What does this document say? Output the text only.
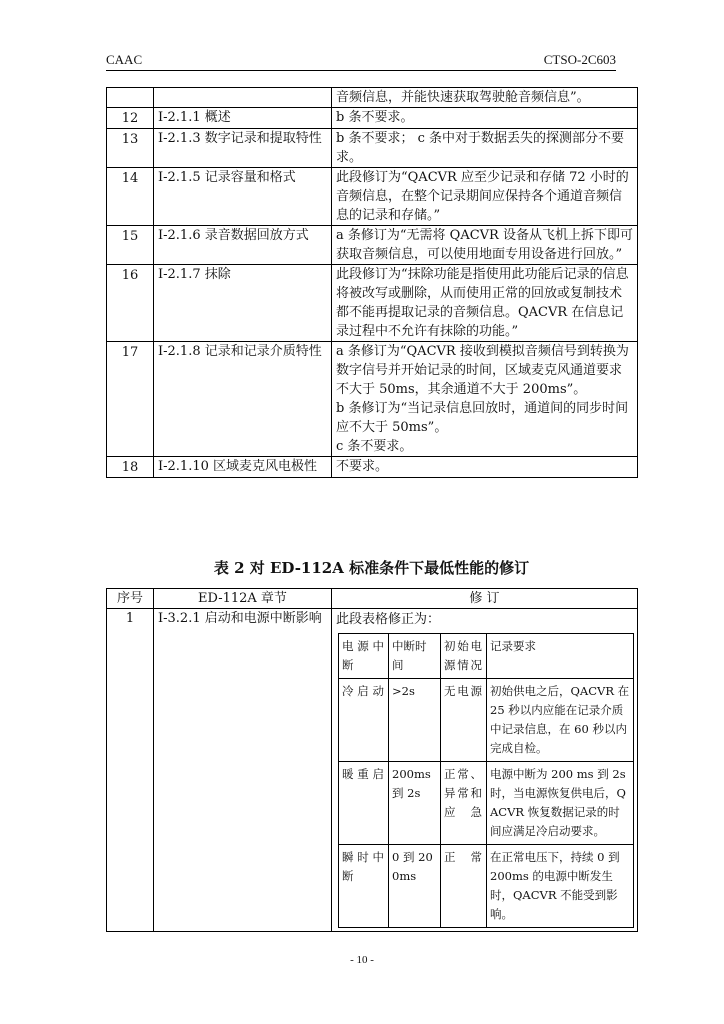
CAAC	CTSO-2C603
		音频信息，并能快速获取驾驶舱音频信息”。
12	I-2.1.1 概述	b 条不要求。
13	I-2.1.3 数字记录和提取特性	b 条不要求； c 条中对于数据丢失的探测部分不要求。
14	I-2.1.5 记录容量和格式	此段修订为“QACVR 应至少记录和存储 72 小时的音频信息，在整个记录期间应保持各个通道音频信息的记录和存储。”
15	I-2.1.6 录音数据回放方式	a 条修订为“无需将 QACVR 设备从飞机上拆下即可获取音频信息，可以使用地面专用设备进行回放。”
16	I-2.1.7 抹除	此段修订为“抹除功能是指使用此功能后记录的信息将被改写或删除，从而使用正常的回放或复制技术都不能再提取记录的音频信息。QACVR 在信息记录过程中不允许有抹除的功能。”
17	I-2.1.8 记录和记录介质特性	a 条修订为“QACVR 接收到模拟音频信号到转换为数字信号并开始记录的时间，区域麦克风通道要求不大于 50ms，其余通道不大于 200ms”。
b 条修订为“当记录信息回放时，通道间的同步时间应不大于 50ms”。
c 条不要求。

18	I-2.1.10 区域麦克风电极性	不要求。
表 2 对 ED-112A 标准条件下最低性能的修订
序号	ED-112A 章节	修 订
1	I-3.2.1 启动和电源中断影响	此段表格修正为：
电源中断	中断时间	初始电源情况	记录要求
冷启动	>2s	无电源	初始供电之后，QACVR 在 25 秒以内应能在记录介质中记录信息，在 60 秒以内完成自检。
暖重启	200ms 到 2s	正常、异常和应急	电源中断为 200 ms 到 2s 时，当电源恢复供电后，QACVR 恢复数据记录的时间应满足冷启动要求。
瞬时中断	0 到 200ms	正常	在正常电压下，持续 0 到 200ms 的电源中断发生时，QACVR 不能受到影响。
- 10 -
